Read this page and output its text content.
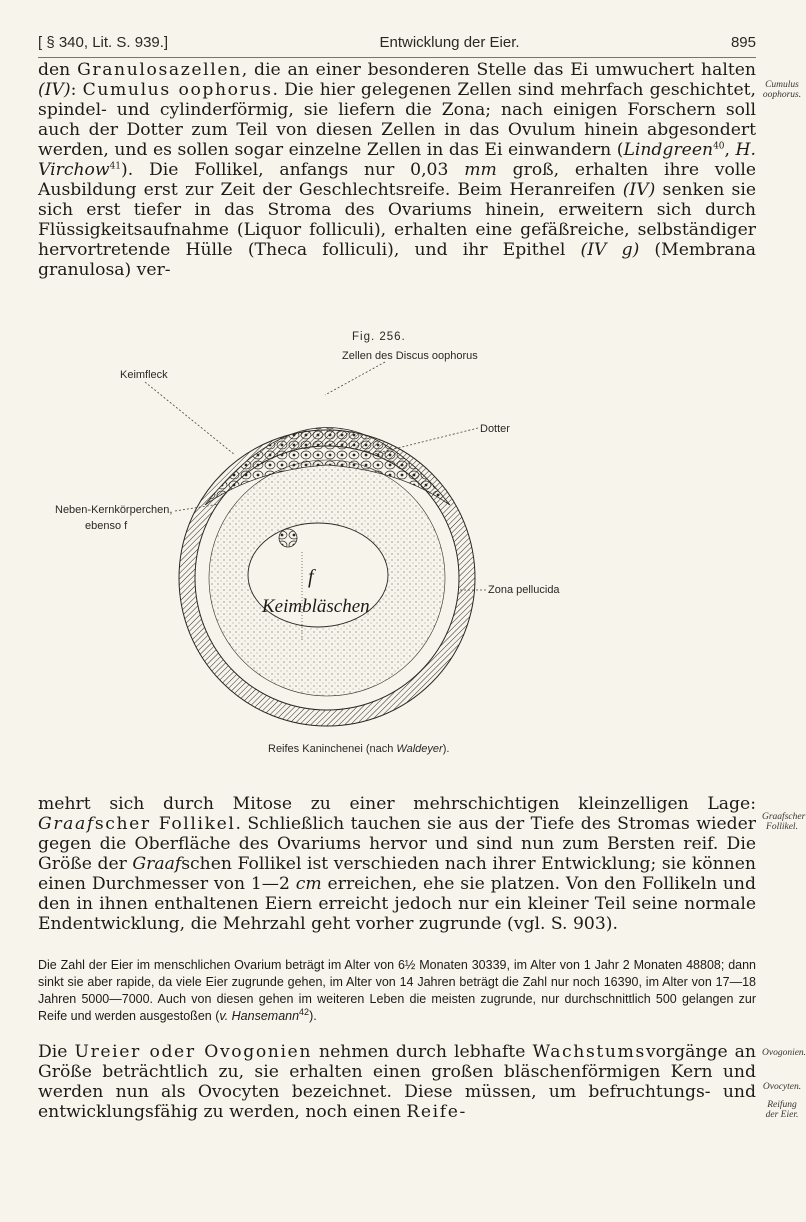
[ § 340, Lit. S. 939.]	Entwicklung der Eier.	895

den Granulosazellen, die an einer besonderen Stelle das Ei umwuchert halten (IV): Cumulus oophorus. Die hier gelegenen Zellen sind mehrfach geschichtet, spindel- und cylinderförmig, sie liefern die Zona; nach einigen Forschern soll auch der Dotter zum Teil von diesen Zellen in das Ovulum hinein abgesondert werden, und es sollen sogar einzelne Zellen in das Ei einwandern (Lindgreen$^{40}$, H. Virchow$^{41}$). Die Follikel, anfangs nur 0,03 mm groß, erhalten ihre volle Ausbildung erst zur Zeit der Geschlechtsreife. Beim Heranreifen (IV) senken sie sich erst tiefer in das Stroma des Ovariums hinein, erweitern sich durch Flüssigkeitsaufnahme (Liquor folliculi), erhalten eine gefäßreiche, selbständiger hervortretende Hülle (Theca folliculi), und ihr Epithel (IV g) (Membrana granulosa) ver-

Fig. 256.
Zellen des Discus oophorus
Keimfleck
Dotter
Neben-Kernkörperchen,
ebenso f
Zona pellucida
f
Keimbläschen
Reifes Kaninchenei (nach Waldeyer).

mehrt sich durch Mitose zu einer mehrschichtigen kleinzelligen Lage: Graafscher Follikel. Schließlich tauchen sie aus der Tiefe des Stromas wieder gegen die Oberfläche des Ovariums hervor und sind nun zum Bersten reif. Die Größe der Graafschen Follikel ist verschieden nach ihrer Entwicklung; sie können einen Durchmesser von 1—2 cm erreichen, ehe sie platzen. Von den Follikeln und den in ihnen enthaltenen Eiern erreicht jedoch nur ein kleiner Teil seine normale Endentwicklung, die Mehrzahl geht vorher zugrunde (vgl. S. 903).

Die Zahl der Eier im menschlichen Ovarium beträgt im Alter von 6½ Monaten 30339, im Alter von 1 Jahr 2 Monaten 48808; dann sinkt sie aber rapide, da viele Eier zugrunde gehen, im Alter von 14 Jahren beträgt die Zahl nur noch 16390, im Alter von 17—18 Jahren 5000—7000. Auch von diesen gehen im weiteren Leben die meisten zugrunde, nur durchschnittlich 500 gelangen zur Reife und werden ausgestoßen (v. Hansemann$^{42}$).

Die Ureier oder Ovogonien nehmen durch lebhafte Wachstumsvorgänge an Größe beträchtlich zu, sie erhalten einen großen bläschenförmigen Kern und werden nun als Ovocyten bezeichnet. Diese müssen, um befruchtungs- und entwicklungsfähig zu werden, noch einen Reife-

Cumulus oophorus.
Graafscher Follikel.
Ovogonien.
Ovocyten.
Reifung der Eier.
